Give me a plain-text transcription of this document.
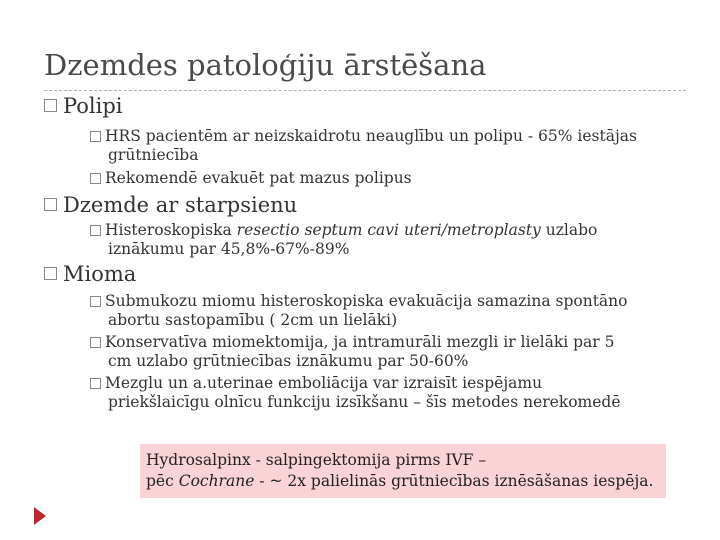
Dzemdes patoloģiju ārstēšana
Polipi
HRS pacientēm ar neizskaidrotu neauglību un polipu - 65% iestājas
grūtniecība
Rekomendē evakuēt pat mazus polipus
Dzemde ar starpsienu
Histeroskopiska resectio septum cavi uteri/metroplasty uzlabo
iznākumu par 45,8%-67%-89%
Mioma
Submukozu miomu histeroskopiska evakuācija samazina spontāno
abortu sastopamību ( 2cm un lielāki)
Konservatīva miomektomija, ja intramurāli mezgli ir lielāki par 5
cm uzlabo grūtniecības iznākumu par 50-60%
Mezglu un a.uterinae emboliācija var izraisīt iespējamu
priekšlaicīgu olnīcu funkciju izsīkšanu – šīs metodes nerekomedē
Hydrosalpinx - salpingektomija pirms IVF –
pēc Cochrane - ~ 2x palielinās grūtniecības iznēsāšanas iespēja.
